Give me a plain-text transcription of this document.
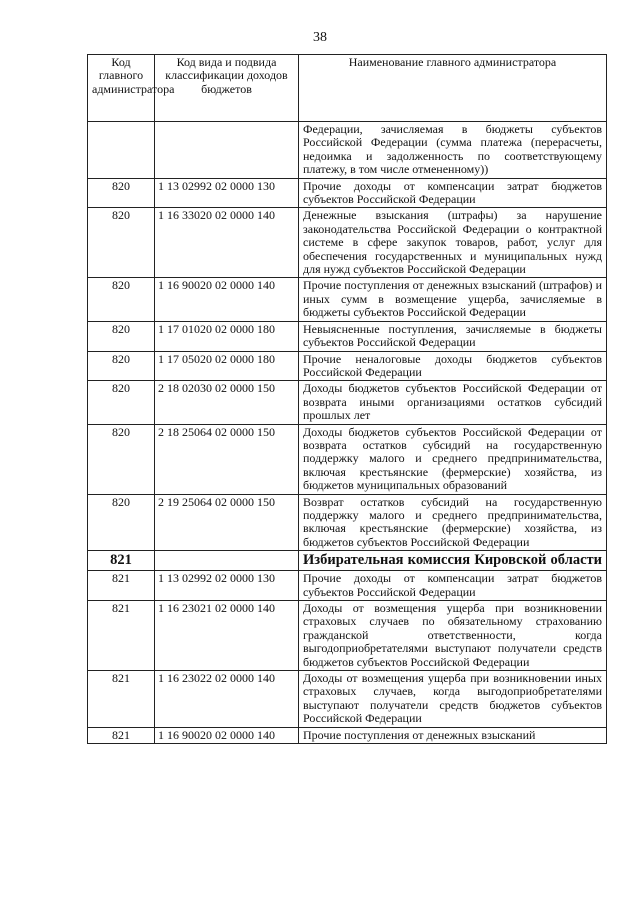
38
Код главного администратора	Код вида и подвида классификации доходов бюджетов	Наименование главного администратора
		Федерации, зачисляемая в бюджеты субъектов Российской Федерации (сумма платежа (перерасчеты, недоимка и задолженность по соответствующему платежу, в том числе отмененному))
820	1 13 02992 02 0000 130	Прочие доходы от компенсации затрат бюджетов субъектов Российской Федерации
820	1 16 33020 02 0000 140	Денежные взыскания (штрафы) за нарушение законодательства Российской Федерации о контрактной системе в сфере закупок товаров, работ, услуг для обеспечения государственных и муниципальных нужд для нужд субъектов Российской Федерации
820	1 16 90020 02 0000 140	Прочие поступления от денежных взысканий (штрафов) и иных сумм в возмещение ущерба, зачисляемые в бюджеты субъектов Российской Федерации
820	1 17 01020 02 0000 180	Невыясненные поступления, зачисляемые в бюджеты субъектов Российской Федерации
820	1 17 05020 02 0000 180	Прочие неналоговые доходы бюджетов субъектов Российской Федерации
820	2 18 02030 02 0000 150	Доходы бюджетов субъектов Российской Федерации от возврата иными организациями остатков субсидий прошлых лет
820	2 18 25064 02 0000 150	Доходы бюджетов субъектов Российской Федерации от возврата остатков субсидий на государственную поддержку малого и среднего предпринимательства, включая крестьянские (фермерские) хозяйства, из бюджетов муниципальных образований
820	2 19 25064 02 0000 150	Возврат остатков субсидий на государственную поддержку малого и среднего предпринимательства, включая крестьянские (фермерские) хозяйства, из бюджетов субъектов Российской Федерации
821		Избирательная комиссия Кировской области
821	1 13 02992 02 0000 130	Прочие доходы от компенсации затрат бюджетов субъектов Российской Федерации
821	1 16 23021 02 0000 140	Доходы от возмещения ущерба при возникновении страховых случаев по обязательному страхованию гражданской ответственности, когда выгодоприобретателями выступают получатели средств бюджетов субъектов Российской Федерации
821	1 16 23022 02 0000 140	Доходы от возмещения ущерба при возникновении иных страховых случаев, когда выгодоприобретателями выступают получатели средств бюджетов субъектов Российской Федерации
821	1 16 90020 02 0000 140	Прочие поступления от денежных взысканий
